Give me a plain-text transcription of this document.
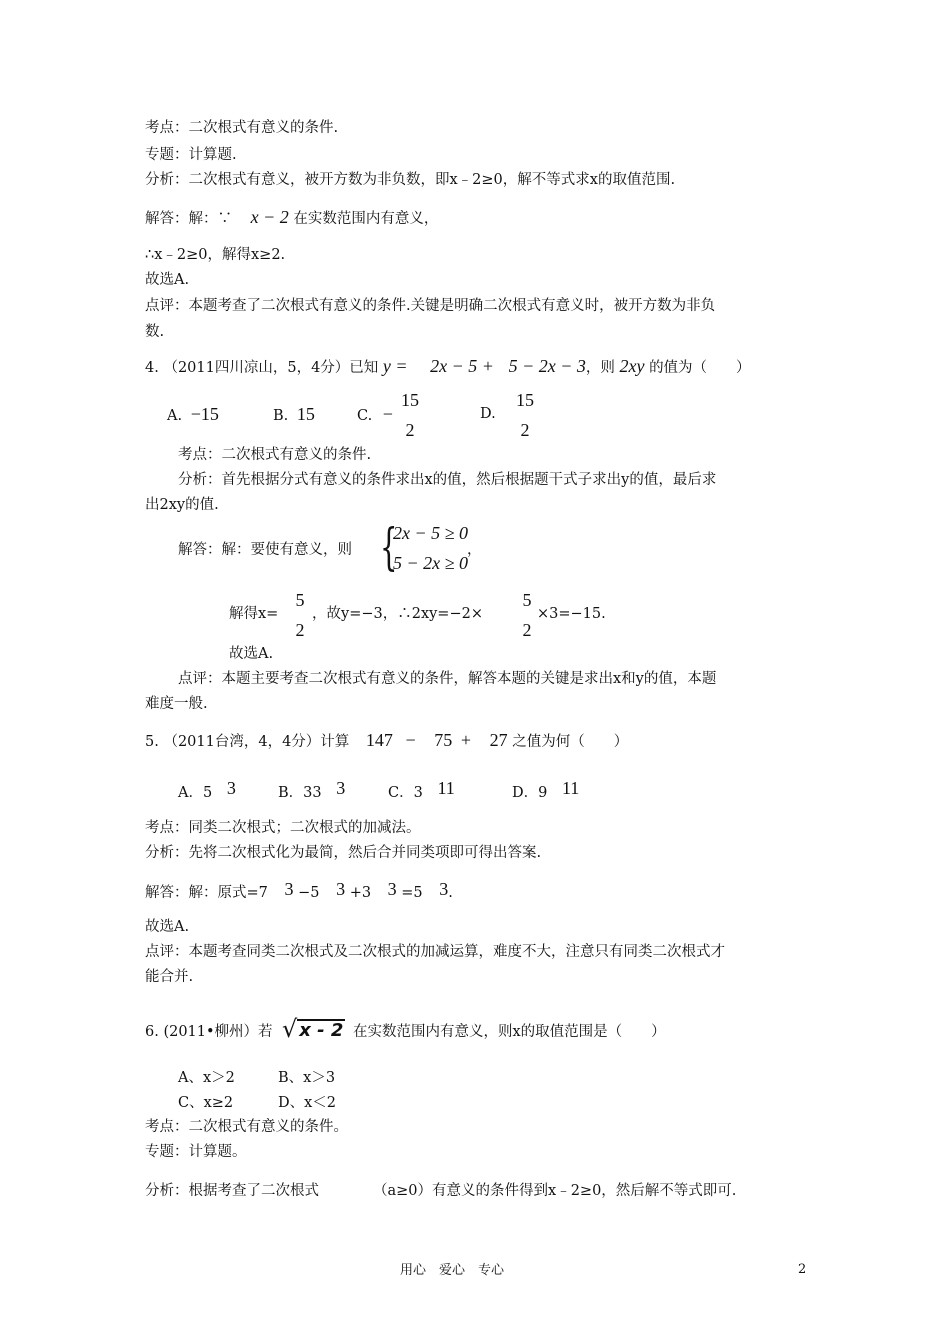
考点：二次根式有意义的条件.
专题：计算题.
分析：二次根式有意义，被开方数为非负数，即x﹣2≥0，解不等式求x的取值范围.
解答：解：∵ x − 2 在实数范围内有意义，
∴x﹣2≥0，解得x≥2.
故选A.
点评：本题考查了二次根式有意义的条件.关键是明确二次根式有意义时，被开方数为非负
数.
4. （2011四川凉山，5，4分）已知 y = 2x − 5 + 5 − 2x − 3，则 2xy 的值为（　　）
A. −15	B. 15	C. −
15
2
D.
15
2
考点：二次根式有意义的条件.
分析：首先根据分式有意义的条件求出x的值，然后根据题干式子求出y的值，最后求
出2xy的值.
解答：解：要使有意义，则 {
2x − 5 ≥ 0
5 − 2x ≥ 0
，
解得x=
5
2
，故y=−3，∴2xy=−2×
5
2
×3=−15.
故选A.
点评：本题主要考查二次根式有意义的条件，解答本题的关键是求出x和y的值，本题
难度一般.
5. （2011台湾，4，4分）计算 147 − 75 + 27 之值为何（　　）
A．5 3	B．33 3	C．3 11	D．9 11
考点：同类二次根式；二次根式的加减法。
分析：先将二次根式化为最简，然后合并同类项即可得出答案.
解答：解：原式=7 3 −5 3 +3 3 =5 3.
故选A.
点评：本题考查同类二次根式及二次根式的加减运算，难度不大，注意只有同类二次根式才
能合并.
6. (2011•柳州）若 √ x - 2 在实数范围内有意义，则x的取值范围是（　　）
A、x＞2	B、x＞3
C、x≥2	D、x＜2
考点：二次根式有意义的条件。
专题：计算题。
分析：根据考查了二次根式	（a≥0）有意义的条件得到x﹣2≥0，然后解不等式即可.
用心　爱心　专心	2
